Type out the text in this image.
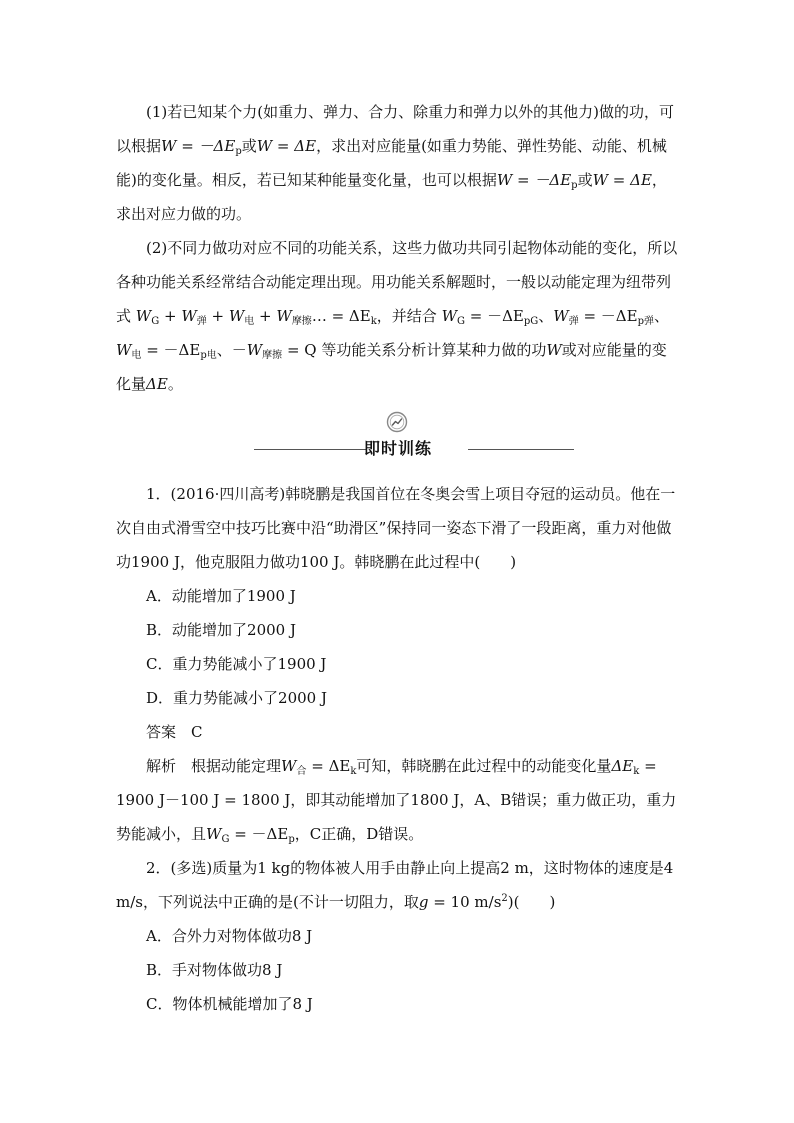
(1)若已知某个力(如重力、弹力、合力、除重力和弹力以外的其他力)做的功，可以根据$W = -\Delta E_p$或W = ΔE，求出对应能量(如重力势能、弹性势能、动能、机械能)的变化量。相反，若已知某种能量变化量，也可以根据$W = -\Delta E_p$或W = ΔE，求出对应力做的功。

(2)不同力做功对应不同的功能关系，这些力做功共同引起物体动能的变化，所以各种功能关系经常结合动能定理出现。用功能关系解题时，一般以动能定理为纽带列式 $W_G + W_弹 + W_电$ + $W_{摩擦}\dots = \Delta E_k$，并结合 $W_G = -\Delta E_{pG}$、$W_弹 = -\Delta E_{p弹}$、$W_电 = -\Delta E_{p电}$、$-W_{摩擦} = Q$ 等功能关系分析计算某种力做的功W或对应能量的变化量ΔE。

即时训练

1．(2016·四川高考)韩晓鹏是我国首位在冬奥会雪上项目夺冠的运动员。他在一次自由式滑雪空中技巧比赛中沿“助滑区”保持同一姿态下滑了一段距离，重力对他做功1900 J，他克服阻力做功100 J。韩晓鹏在此过程中(　　)

A．动能增加了1900 J

B．动能增加了2000 J

C．重力势能减小了1900 J

D．重力势能减小了2000 J

答案　 C

解析　 根据动能定理$W_合 = \Delta E_k$可知，韩晓鹏在此过程中的动能变化量$\Delta E_k = 1900$ J－100 J = 1800 J，即其动能增加了1800 J，A、B错误；重力做正功，重力势能减小，且$W_G = -\Delta E_p$，C正确，D错误。

2．(多选)质量为1 kg的物体被人用手由静止向上提高2 m，这时物体的速度是4 m/s，下列说法中正确的是(不计一切阻力，取g = 10 $m/s^2$)(　　)

A．合外力对物体做功8 J

B．手对物体做功8 J

C．物体机械能增加了8 J
